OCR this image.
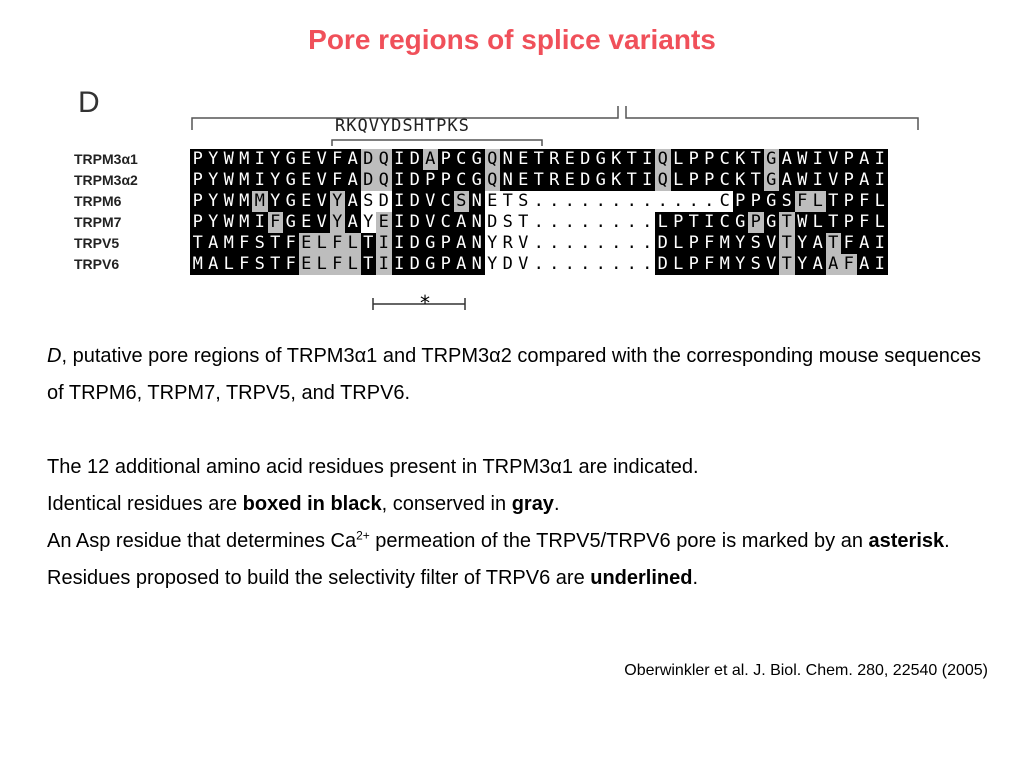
Pore regions of splice variants
D
RKQVYDSHTPKS
TRPM3α1
TRPM3α2
TRPM6
TRPM7
TRPV5
TRPV6
P Y W M I Y G E V F A D Q I D A P C G Q N E T R E D G K T I Q L P P C K T G A W I V P A I
P Y W M I Y G E V F A D Q I D P P C G Q N E T R E D G K T I Q L P P C K T G A W I V P A I
P Y W M M Y G E V Y A S D I D V C S N E T S . . . . . . . . . . . . C P P G S F L T P F L
P Y W M I F G E V Y A Y E I D V C A N D S T . . . . . . . . L P T I C G P G T W L T P F L
T A M F S T F E L F L T I I D G P A N Y R V . . . . . . . . D L P F M Y S V T Y A T F A I
M A L F S T F E L F L T I I D G P A N Y D V . . . . . . . . D L P F M Y S V T Y A A F A I
*

D, putative pore regions of TRPM3α1 and TRPM3α2 compared with the corresponding mouse sequences of TRPM6, TRPM7, TRPV5, and TRPV6.

The 12 additional amino acid residues present in TRPM3α1 are indicated.

Identical residues are boxed in black, conserved in gray.

An Asp residue that determines $Ca^{2+}$ permeation of the TRPV5/TRPV6 pore is marked by an asterisk. Residues proposed to build the selectivity filter of TRPV6 are underlined.

Oberwinkler et al. J. Biol. Chem. 280, 22540 (2005)
